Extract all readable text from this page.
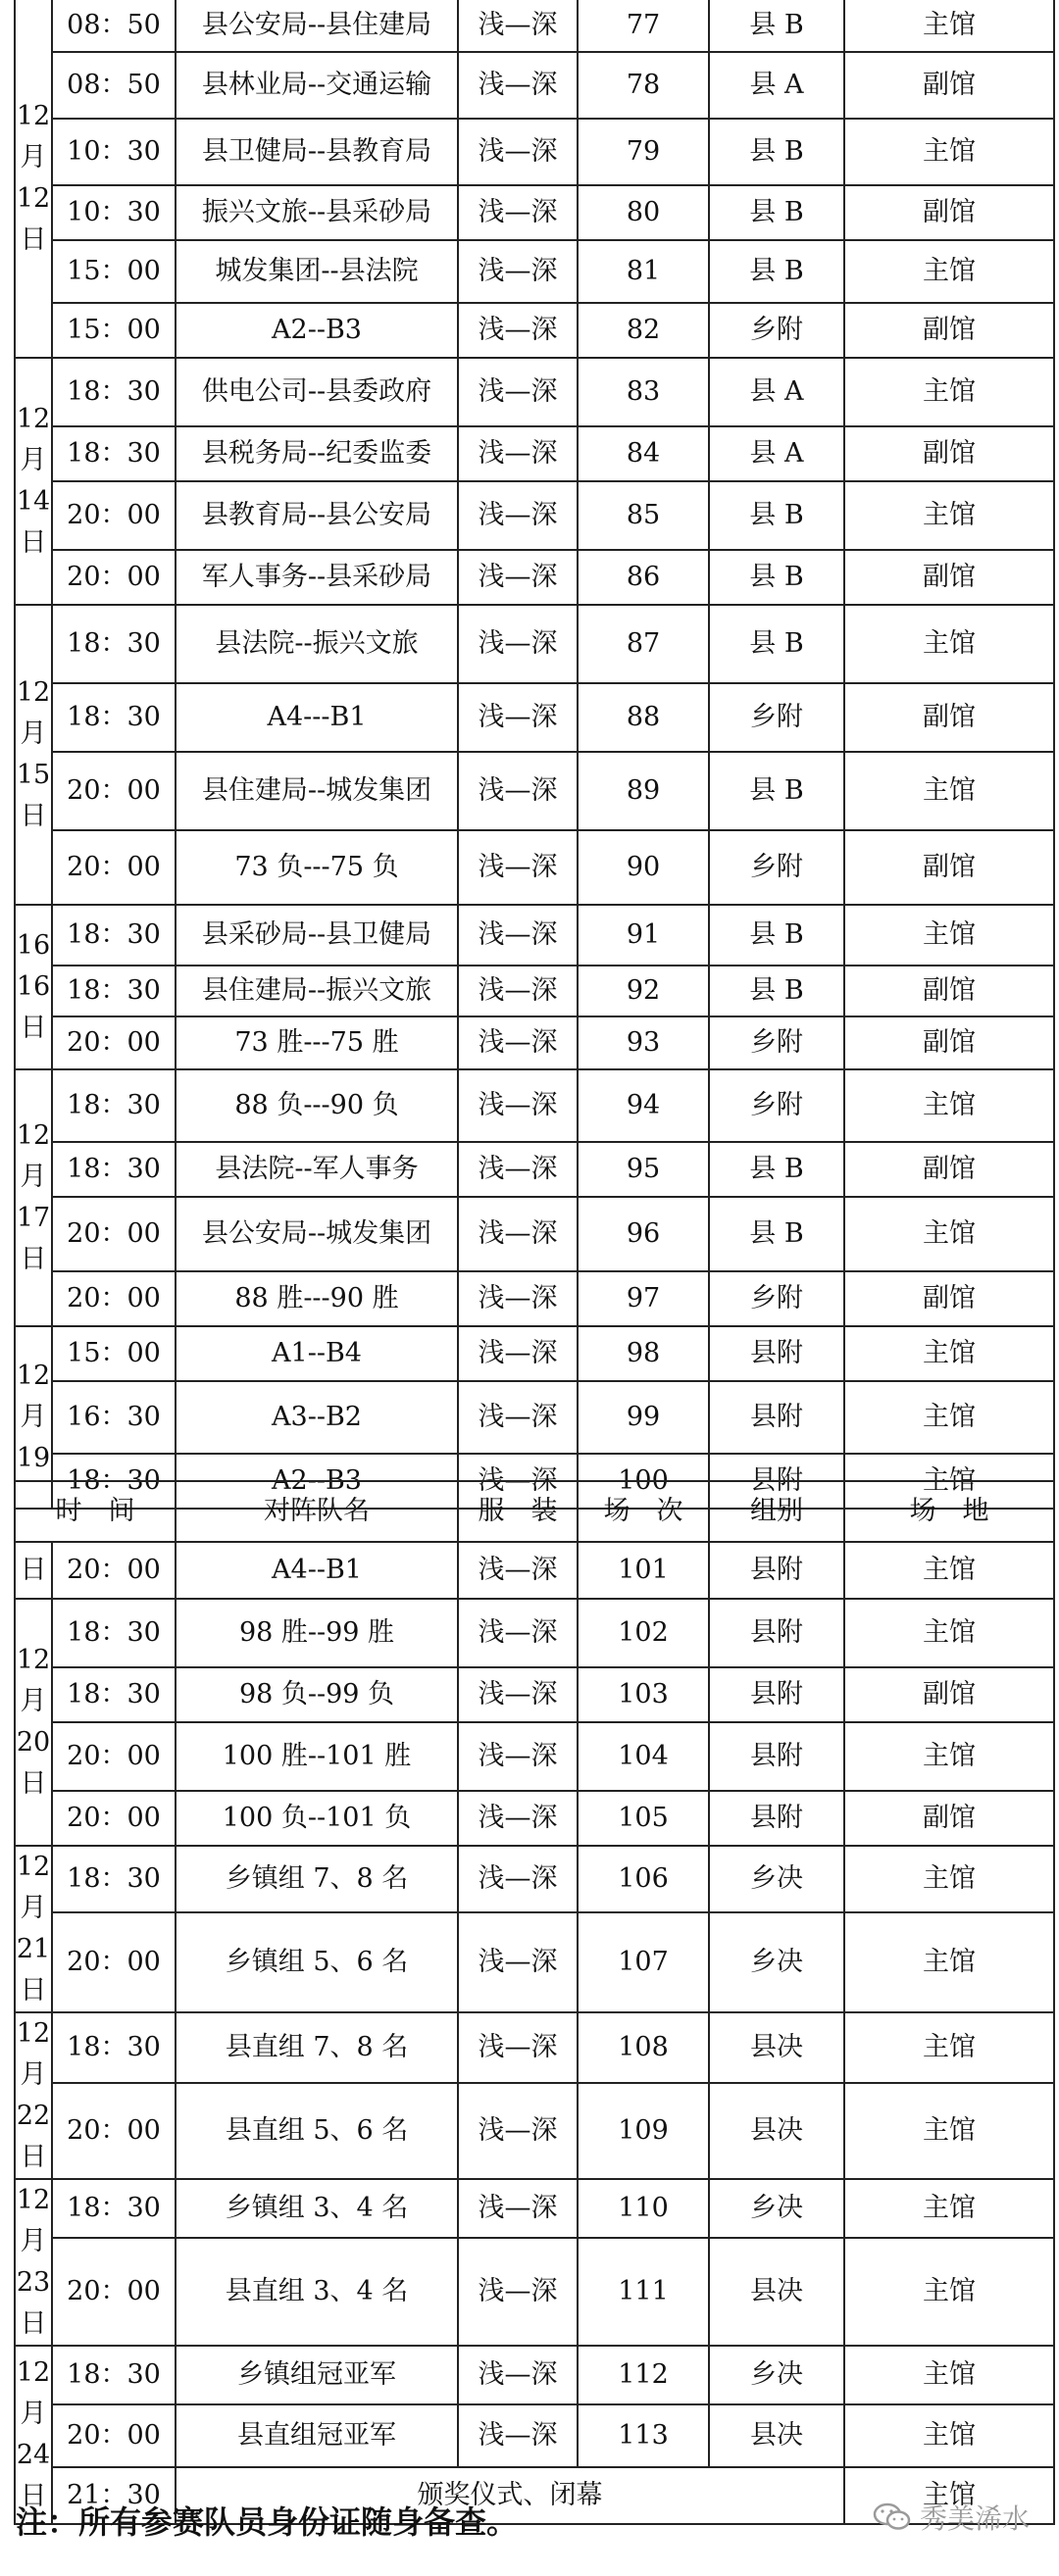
12
月
12
日	08：50	县公安局--县住建局	浅—深	77	县 B	主馆
	08：50	县林业局--交通运输	浅—深	78	县 A	副馆
	10：30	县卫健局--县教育局	浅—深	79	县 B	主馆
	10：30	振兴文旅--县采砂局	浅—深	80	县 B	副馆
	15：00	城发集团--县法院	浅—深	81	县 B	主馆
	15：00	A2--B3	浅—深	82	乡附	副馆

12
月
14
日	18：30	供电公司--县委政府	浅—深	83	县 A	主馆
	18：30	县税务局--纪委监委	浅—深	84	县 A	副馆
	20：00	县教育局--县公安局	浅—深	85	县 B	主馆
	20：00	军人事务--县采砂局	浅—深	86	县 B	副馆

12
月
15
日	18：30	县法院--振兴文旅	浅—深	87	县 B	主馆
	18：30	A4---B1	浅—深	88	乡附	副馆
	20：00	县住建局--城发集团	浅—深	89	县 B	主馆
	20：00	73 负---75 负	浅—深	90	乡附	副馆

16
16
日	18：30	县采砂局--县卫健局	浅—深	91	县 B	主馆
	18：30	县住建局--振兴文旅	浅—深	92	县 B	副馆
	20：00	73 胜---75 胜	浅—深	93	乡附	副馆

12
月
17
日	18：30	88 负---90 负	浅—深	94	乡附	主馆
	18：30	县法院--军人事务	浅—深	95	县 B	副馆
	20：00	县公安局--城发集团	浅—深	96	县 B	主馆
	20：00	88 胜---90 胜	浅—深	97	乡附	副馆

12
月
19	15：00	A1--B4	浅—深	98	县附	主馆
	16：30	A3--B2	浅—深	99	县附	主馆
	18：30	A2--B3	浅—深	100	县附	主馆
时　间		对阵队名	服　装	场　次	组别	场　地

日	20：00	A4--B1	浅—深	101	县附	主馆

12
月
20
日	18：30	98 胜--99 胜	浅—深	102	县附	主馆
	18：30	98 负--99 负	浅—深	103	县附	副馆
	20：00	100 胜--101 胜	浅—深	104	县附	主馆
	20：00	100 负--101 负	浅—深	105	县附	副馆

12
月
21
日	18：30	乡镇组 7、8 名	浅—深	106	乡决	主馆
	20：00	乡镇组 5、6 名	浅—深	107	乡决	主馆

12
月
22
日	18：30	县直组 7、8 名	浅—深	108	县决	主馆
	20：00	县直组 5、6 名	浅—深	109	县决	主馆

12
月
23
日	18：30	乡镇组 3、4 名	浅—深	110	乡决	主馆
	20：00	县直组 3、4 名	浅—深	111	县决	主馆

12
月
24
日	18：30	乡镇组冠亚军	浅—深	112	乡决	主馆
	20：00	县直组冠亚军	浅—深	113	县决	主馆
	21：30	颁奖仪式、闭幕				主馆
注：所有参赛队员身份证随身备查。	秀美浠水
